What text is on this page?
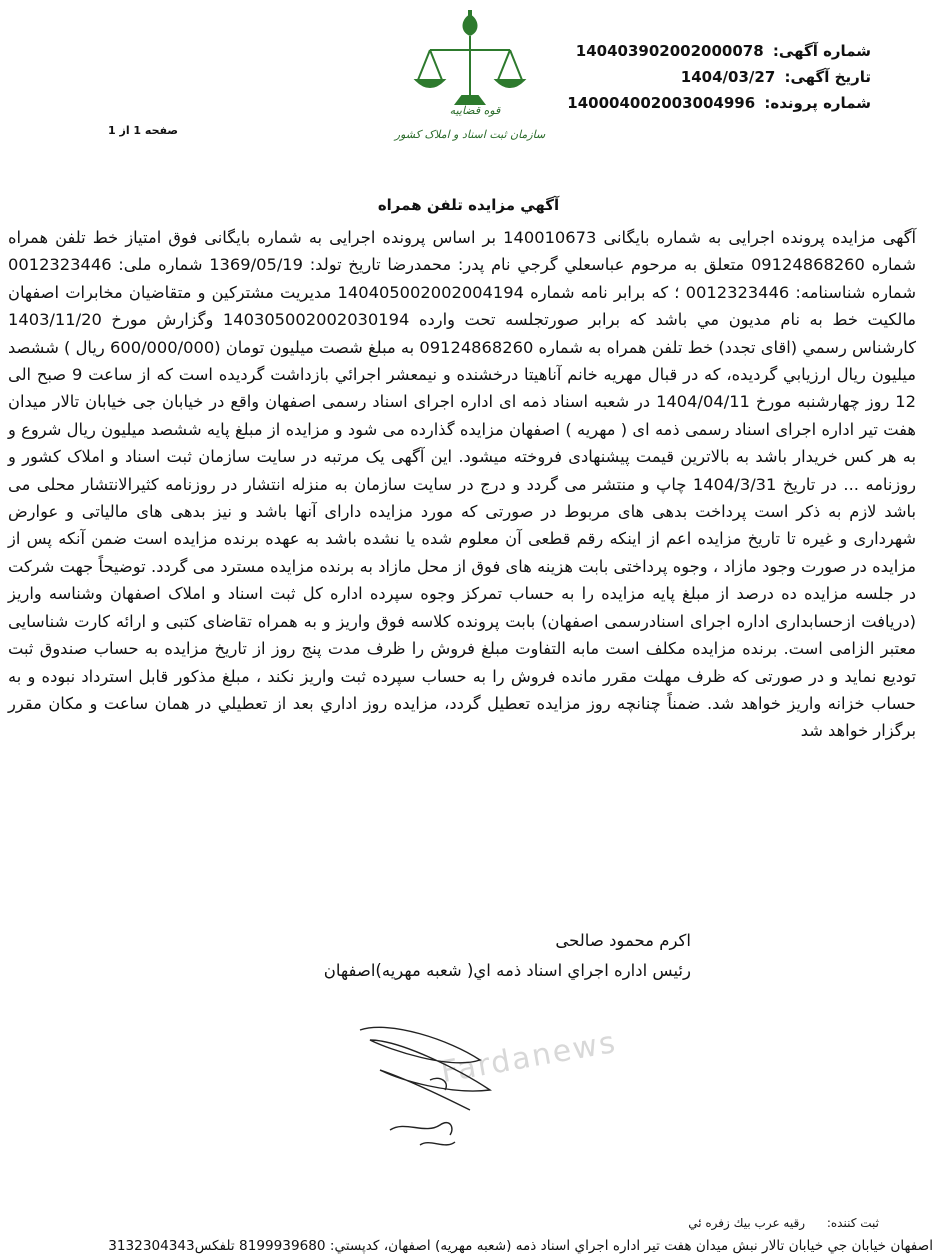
شماره آگهی: 14040390200200007‪8‬
تاریخ آگهی: 1404/03/27
شماره پرونده: 140004002003004996
قوه قضاییه
سازمان ثبت اسناد و املاک کشور
صفحه 1 از 1
آگهي مزايده تلفن همراه
آگهی مزایده پرونده اجرایی به شماره بایگانی 140010673 بر اساس پرونده اجرایی به شماره بایگانی فوق امتیاز خط تلفن همراه شماره 09124868260 متعلق به مرحوم عباسعلي گرجي نام پدر: محمدرضا تاریخ تولد: 1369/05/19 شماره ملی: 0012323446 شماره شناسنامه: 0012323446 ؛ که برابر نامه شماره 140405002002004194 مديريت مشتركين و متقاضيان مخابرات اصفهان مالكيت خط به نام مديون مي باشد که برابر صورتجلسه تحت وارده 14030500200203019‪4‬ وگزارش مورخ 1403/11/20 کارشناس رسمي (اقای تجدد) خط تلفن همراه به شماره 09124868260 به مبلغ شصت ميليون تومان (600/000/000 ريال ) ششصد ميليون ريال ارزيابي گرديده، كه در قبال مهريه خانم آناهيتا درخشنده و نيمعشر اجرائي بازداشت گرديده است كه از ساعت 9 صبح الی 12 روز چهارشنبه مورخ 1404/04/11 در شعبه اسناد ذمه ای اداره اجرای اسناد رسمی اصفهان واقع در خیابان جی خیابان تالار میدان هفت تیر اداره اجرای اسناد رسمی ذمه ای ( مهریه ) اصفهان مزایده گذارده می شود و مزایده از مبلغ پایه ششصد میلیون ریال شروع و به هر کس خریدار باشد به بالاترین قیمت پیشنهادی فروخته میشود. این آگهی یک مرتبه در سایت سازمان ثبت اسناد و املاک کشور و روزنامه ... در تاریخ 1404/3/31 چاپ و منتشر می گردد و درج در سایت سازمان به منزله انتشار در روزنامه کثیرالانتشار محلی می باشد لازم به ذکر است پرداخت بدهی های مربوط در صورتی که مورد مزایده دارای آنها باشد و نیز بدهی های مالیاتی و عوارض شهرداری و غیره تا تاریخ مزایده اعم از اینکه رقم قطعی آن معلوم شده یا نشده باشد به عهده برنده مزایده است ضمن آنکه پس از مزایده در صورت وجود مازاد ، وجوه پرداختی بابت هزینه های فوق از محل مازاد به برنده مزایده مسترد می گردد. توضیحاً جهت شرکت در جلسه مزایده ده درصد از مبلغ پایه مزایده را به حساب تمرکز وجوه سپرده اداره کل ثبت اسناد و املاک اصفهان وشناسه واریز (دریافت ازحسابداری اداره اجرای اسنادرسمی اصفهان) بابت پرونده کلاسه فوق واریز و به همراه تقاضای کتبی و ارائه کارت شناسایی معتبر الزامی است. برنده مزایده مکلف است مابه التفاوت مبلغ فروش را ظرف مدت پنج روز از تاریخ مزایده به حساب صندوق ثبت تودیع نماید و در صورتی که ظرف مهلت مقرر مانده فروش را به حساب سپرده ثبت واریز نکند ، مبلغ مذکور قابل استرداد نبوده و به حساب خزانه واریز خواهد شد. ضمناً چنانچه روز مزایده تعطیل گردد، مزایده روز اداري بعد از تعطيلي در همان ساعت و مكان مقرر برگزار خواهد شد
اکرم محمود صالحی
رئیس اداره اجراي اسناد ذمه اي( شعبه مهريه)اصفهان
Fardanews
ثبت کننده: رقيه عرب بيك زفره ئي
اصفهان خيابان جي خيابان تالار نبش ميدان هفت تير اداره اجراي اسناد ذمه (شعبه مهريه) اصفهان، كدپستي: 8199939680 تلفكس3132304343
